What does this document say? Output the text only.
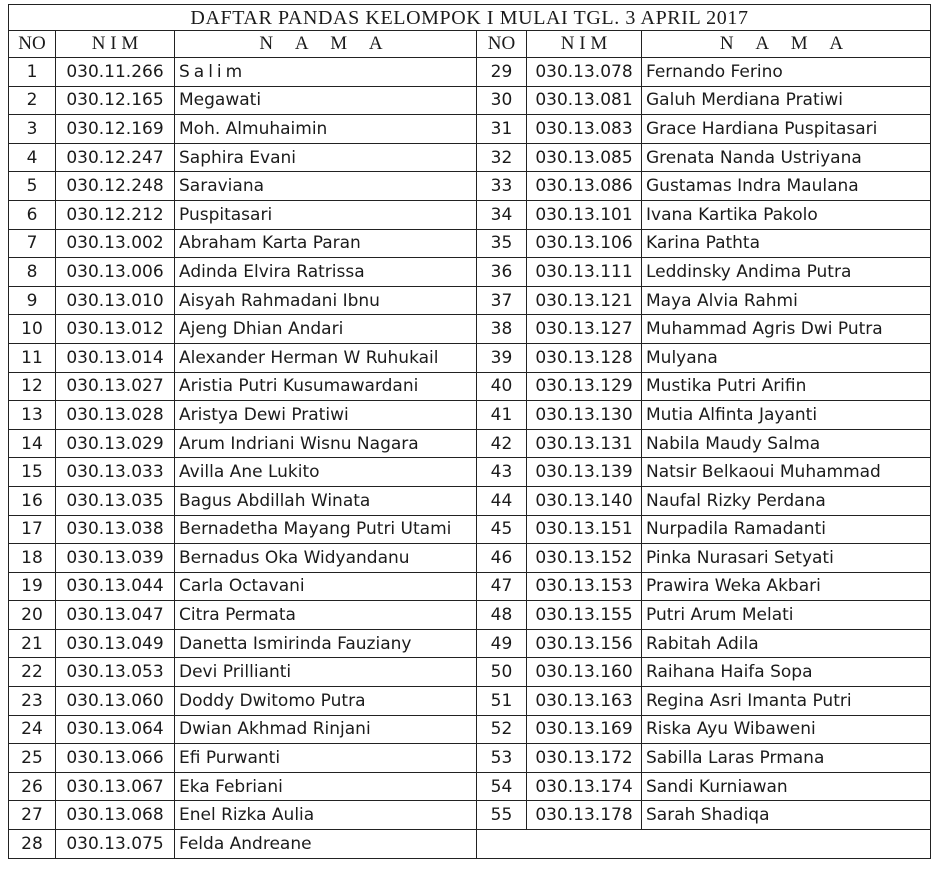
DAFTAR PANDAS KELOMPOK I MULAI TGL. 3 APRIL 2017					
NO	N I M	N A M A	NO	N I M	N A M A
1	030.11.266	Salim	29	030.13.078	Fernando Ferino
2	030.12.165	Megawati	30	030.13.081	Galuh Merdiana Pratiwi
3	030.12.169	Moh. Almuhaimin	31	030.13.083	Grace Hardiana Puspitasari
4	030.12.247	Saphira Evani	32	030.13.085	Grenata Nanda Ustriyana
5	030.12.248	Saraviana	33	030.13.086	Gustamas Indra Maulana
6	030.12.212	Puspitasari	34	030.13.101	Ivana Kartika Pakolo
7	030.13.002	Abraham Karta Paran	35	030.13.106	Karina Pathta
8	030.13.006	Adinda Elvira Ratrissa	36	030.13.111	Leddinsky Andima Putra
9	030.13.010	Aisyah Rahmadani Ibnu	37	030.13.121	Maya Alvia Rahmi
10	030.13.012	Ajeng Dhian Andari	38	030.13.127	Muhammad Agris Dwi Putra
11	030.13.014	Alexander Herman W Ruhukail	39	030.13.128	Mulyana
12	030.13.027	Aristia Putri Kusumawardani	40	030.13.129	Mustika Putri Arifin
13	030.13.028	Aristya Dewi Pratiwi	41	030.13.130	Mutia Alfinta Jayanti
14	030.13.029	Arum Indriani Wisnu Nagara	42	030.13.131	Nabila Maudy Salma
15	030.13.033	Avilla Ane Lukito	43	030.13.139	Natsir Belkaoui Muhammad
16	030.13.035	Bagus Abdillah Winata	44	030.13.140	Naufal Rizky Perdana
17	030.13.038	Bernadetha Mayang Putri Utami	45	030.13.151	Nurpadila Ramadanti
18	030.13.039	Bernadus Oka Widyandanu	46	030.13.152	Pinka Nurasari Setyati
19	030.13.044	Carla Octavani	47	030.13.153	Prawira Weka Akbari
20	030.13.047	Citra Permata	48	030.13.155	Putri Arum Melati
21	030.13.049	Danetta Ismirinda Fauziany	49	030.13.156	Rabitah Adila
22	030.13.053	Devi Prillianti	50	030.13.160	Raihana Haifa Sopa
23	030.13.060	Doddy Dwitomo Putra	51	030.13.163	Regina Asri Imanta Putri
24	030.13.064	Dwian Akhmad Rinjani	52	030.13.169	Riska Ayu Wibaweni
25	030.13.066	Efi Purwanti	53	030.13.172	Sabilla Laras Prmana
26	030.13.067	Eka Febriani	54	030.13.174	Sandi Kurniawan
27	030.13.068	Enel Rizka Aulia	55	030.13.178	Sarah Shadiqa
28	030.13.075	Felda Andreane			
